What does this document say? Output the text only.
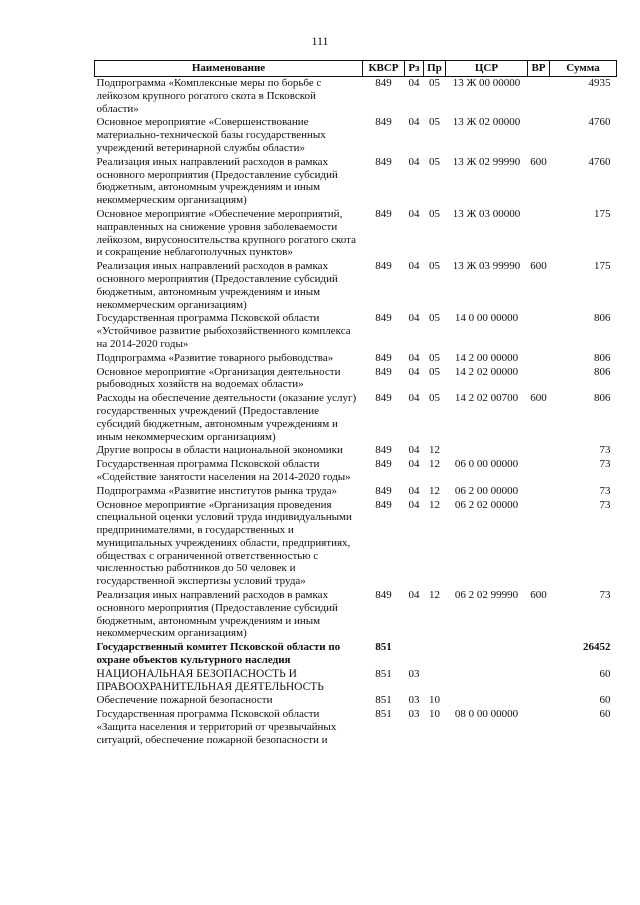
111
Наименование	КВСР	Рз	Пр	ЦСР	ВР	Сумма
Подпрограмма «Комплексные меры по борьбе с лейкозом крупного рогатого скота в Псковской области»	849	04	05	13 Ж 00 00000		4935
Основное мероприятие «Совершенствование материально-технической базы государственных учреждений ветеринарной службы области»	849	04	05	13 Ж 02 00000		4760
Реализация иных направлений расходов в рамках основного мероприятия (Предоставление субсидий бюджетным, автономным учреждениям и иным некоммерческим организациям)	849	04	05	13 Ж 02 99990	600	4760
Основное мероприятие «Обеспечение мероприятий, направленных на снижение уровня заболеваемости лейкозом, вирусоносительства крупного рогатого скота и сокращение неблагополучных пунктов»	849	04	05	13 Ж 03 00000		175
Реализация иных направлений расходов в рамках основного мероприятия (Предоставление субсидий бюджетным, автономным учреждениям и иным некоммерческим организациям)	849	04	05	13 Ж 03 99990	600	175
Государственная программа Псковской области «Устойчивое развитие рыбохозяйственного комплекса на 2014-2020 годы»	849	04	05	14 0 00 00000		806
Подпрограмма «Развитие товарного рыбоводства»	849	04	05	14 2 00 00000		806
Основное мероприятие «Организация деятельности рыбоводных хозяйств на водоемах области»	849	04	05	14 2 02 00000		806
Расходы на обеспечение деятельности (оказание услуг) государственных учреждений (Предоставление субсидий бюджетным, автономным учреждениям и иным некоммерческим организациям)	849	04	05	14 2 02 00700	600	806
Другие вопросы в области национальной экономики	849	04	12			73
Государственная программа Псковской области «Содействие занятости населения на 2014-2020 годы»	849	04	12	06 0 00 00000		73
Подпрограмма «Развитие институтов рынка труда»	849	04	12	06 2 00 00000		73
Основное мероприятие «Организация проведения специальной оценки условий труда индивидуальными предпринимателями, в государственных и муниципальных учреждениях области, предприятиях, обществах с ограниченной ответственностью с численностью работников до 50 человек и государственной экспертизы условий труда»	849	04	12	06 2 02 00000		73
Реализация иных направлений расходов в рамках основного мероприятия (Предоставление субсидий бюджетным, автономным учреждениям и иным некоммерческим организациям)	849	04	12	06 2 02 99990	600	73
Государственный комитет Псковской области по охране объектов культурного наследия	851					26452
НАЦИОНАЛЬНАЯ БЕЗОПАСНОСТЬ И ПРАВООХРАНИТЕЛЬНАЯ ДЕЯТЕЛЬНОСТЬ	851	03				60
Обеспечение пожарной безопасности	851	03	10			60
Государственная программа Псковской области «Защита населения и территорий от чрезвычайных ситуаций, обеспечение пожарной безопасности и	851	03	10	08 0 00 00000		60
